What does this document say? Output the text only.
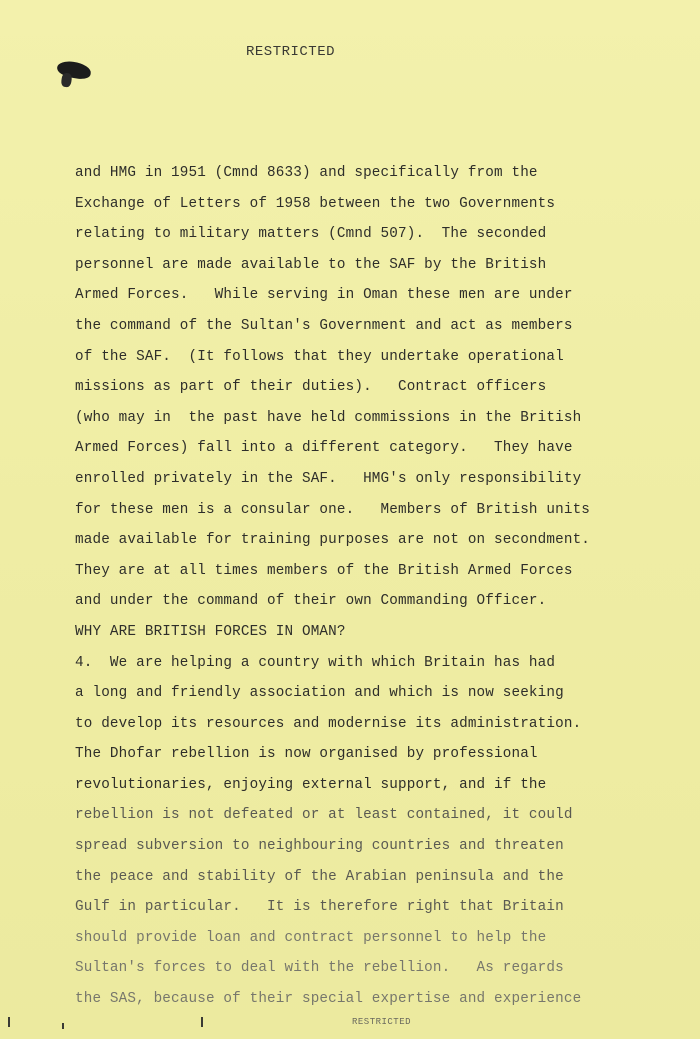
RESTRICTED
and HMG in 1951 (Cmnd 8633) and specifically from the
Exchange of Letters of 1958 between the two Governments
relating to military matters (Cmnd 507).  The seconded
personnel are made available to the SAF by the British
Armed Forces.   While serving in Oman these men are under
the command of the Sultan's Government and act as members
of the SAF.  (It follows that they undertake operational
missions as part of their duties).   Contract officers
(who may in  the past have held commissions in the British
Armed Forces) fall into a different category.   They have
enrolled privately in the SAF.   HMG's only responsibility
for these men is a consular one.   Members of British units
made available for training purposes are not on secondment.
They are at all times members of the British Armed Forces
and under the command of their own Commanding Officer.
WHY ARE BRITISH FORCES IN OMAN?
4.  We are helping a country with which Britain has had
a long and friendly association and which is now seeking
to develop its resources and modernise its administration.
The Dhofar rebellion is now organised by professional
revolutionaries, enjoying external support, and if the
rebellion is not defeated or at least contained, it could
spread subversion to neighbouring countries and threaten
the peace and stability of the Arabian peninsula and the
Gulf in particular.   It is therefore right that Britain
should provide loan and contract personnel to help the
Sultan's forces to deal with the rebellion.   As regards
the SAS, because of their special expertise and experience
RESTRICTED
